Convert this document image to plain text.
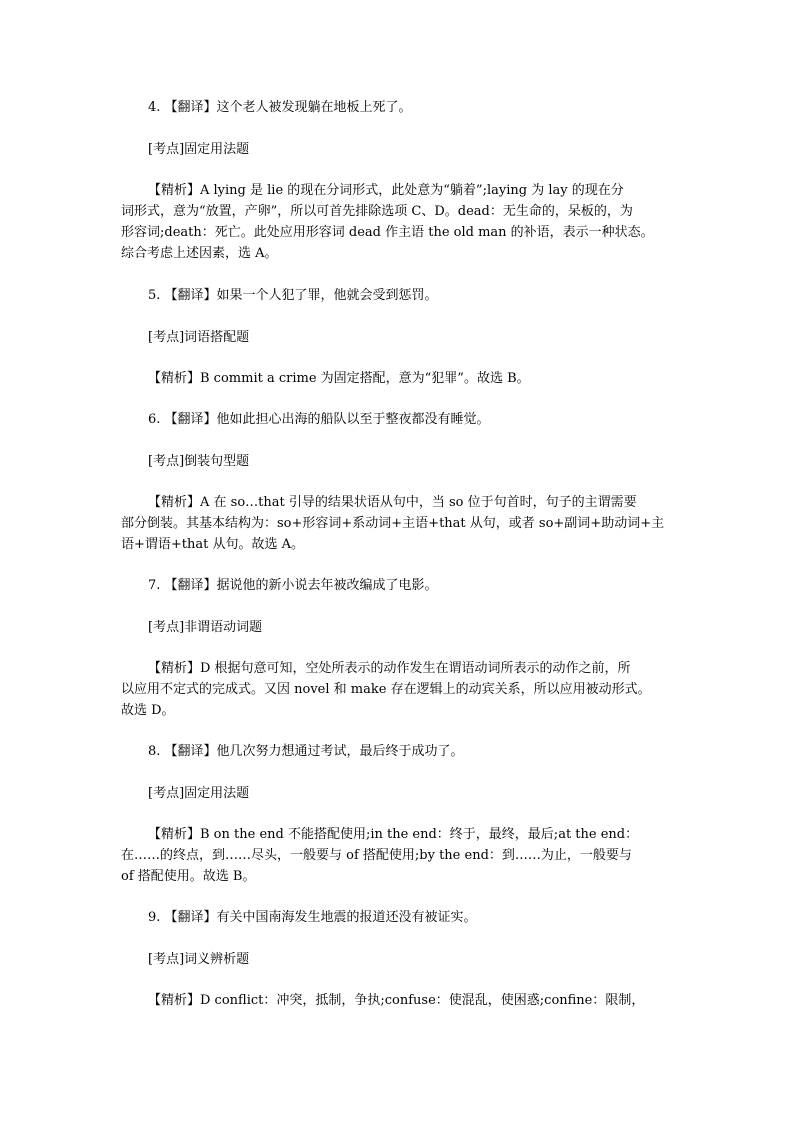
4. 【翻译】这个老人被发现躺在地板上死了。
[考点]固定用法题
【精析】A lying 是 lie 的现在分词形式，此处意为“躺着”;laying 为 lay 的现在分
词形式，意为“放置，产卵”，所以可首先排除选项 C、D。dead：无生命的，呆板的，为
形容词;death：死亡。此处应用形容词 dead 作主语 the old man 的补语，表示一种状态。
综合考虑上述因素，选 A。
5. 【翻译】如果一个人犯了罪，他就会受到惩罚。
[考点]词语搭配题
【精析】B commit a crime 为固定搭配，意为“犯罪”。故选 B。
6. 【翻译】他如此担心出海的船队以至于整夜都没有睡觉。
[考点]倒装句型题
【精析】A 在 so…that 引导的结果状语从句中，当 so 位于句首时，句子的主谓需要
部分倒装。其基本结构为：so+形容词+系动词+主语+that 从句，或者 so+副词+助动词+主
语+谓语+that 从句。故选 A。
7. 【翻译】据说他的新小说去年被改编成了电影。
[考点]非谓语动词题
【精析】D 根据句意可知，空处所表示的动作发生在谓语动词所表示的动作之前，所
以应用不定式的完成式。又因 novel 和 make 存在逻辑上的动宾关系，所以应用被动形式。
故选 D。
8. 【翻译】他几次努力想通过考试，最后终于成功了。
[考点]固定用法题
【精析】B on the end 不能搭配使用;in the end：终于，最终，最后;at the end：
在……的终点，到……尽头，一般要与 of 搭配使用;by the end：到……为止，一般要与
of 搭配使用。故选 B。
9. 【翻译】有关中国南海发生地震的报道还没有被证实。
[考点]词义辨析题
【精析】D conflict：冲突，抵制，争执;confuse：使混乱，使困惑;confine：限制，
